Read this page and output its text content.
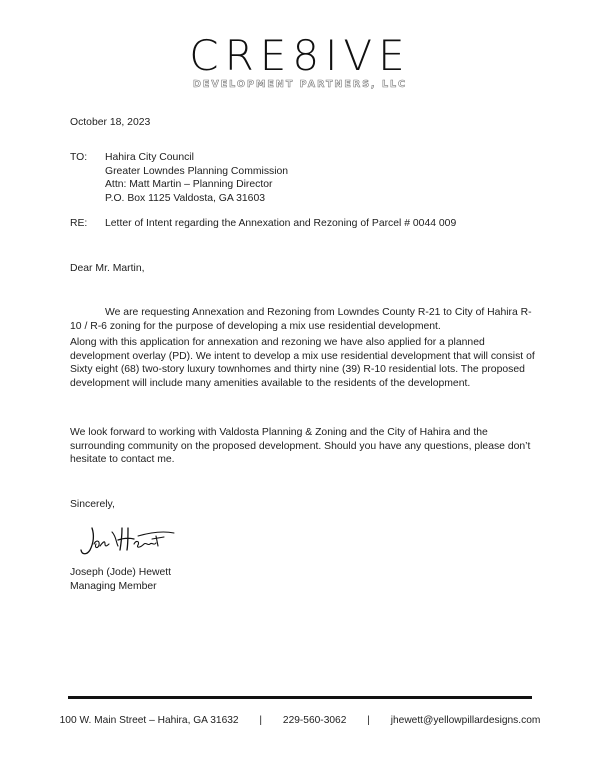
CRE8IVE
DEVELOPMENT PARTNERS, LLC
October 18, 2023
TO: Hahira City Council
Greater Lowndes Planning Commission
Attn: Matt Martin – Planning Director
P.O. Box 1125 Valdosta, GA 31603
RE: Letter of Intent regarding the Annexation and Rezoning of Parcel # 0044 009
Dear Mr. Martin,
We are requesting Annexation and Rezoning from Lowndes County R-21 to City of Hahira R-10 / R-6 zoning for the purpose of developing a mix use residential development.
Along with this application for annexation and rezoning we have also applied for a planned development overlay (PD). We intent to develop a mix use residential development that will consist of Sixty eight (68) two-story luxury townhomes and thirty nine (39) R-10 residential lots. The proposed development will include many amenities available to the residents of the development.
We look forward to working with Valdosta Planning & Zoning and the City of Hahira and the surrounding community on the proposed development. Should you have any questions, please don’t hesitate to contact me.
Sincerely,
Joseph (Jode) Hewett
Managing Member
100 W. Main Street – Hahira, GA 31632 | 229-560-3062 | jhewett@yellowpillardesigns.com
